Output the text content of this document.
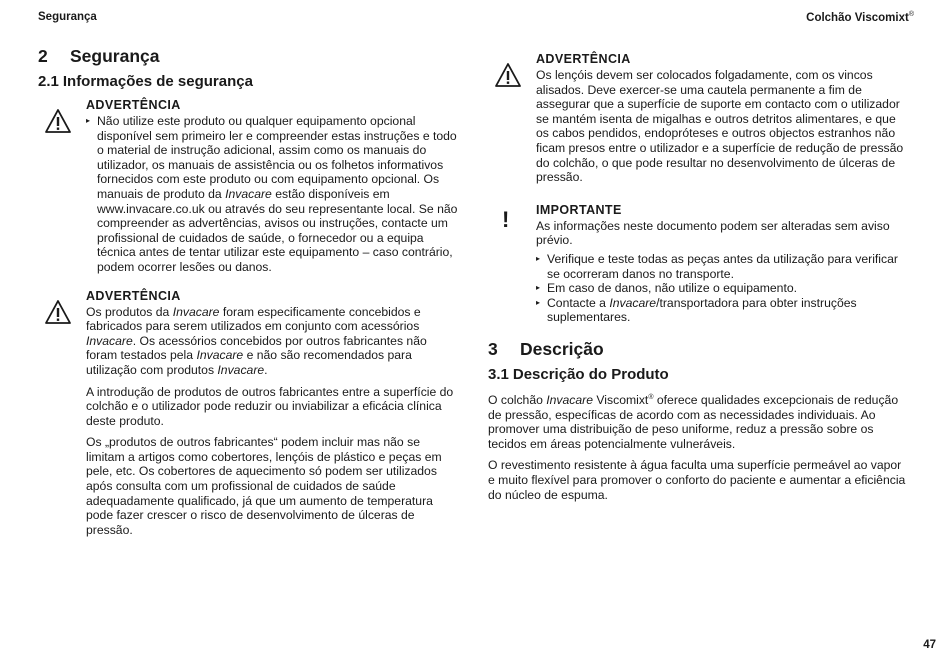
Segurança	Colchão Viscomixt®
2 Segurança
2.1 Informações de segurança
ADVERTÊNCIA
▸ Não utilize este produto ou qualquer equipamento opcional disponível sem primeiro ler e compreender estas instruções e todo o material de instrução adicional, assim como os manuais do utilizador, os manuais de assistência ou os folhetos informativos fornecidos com este produto ou com equipamento opcional. Os manuais de produto da Invacare estão disponíveis em www.invacare.co.uk ou através do seu representante local. Se não compreender as advertências, avisos ou instruções, contacte um profissional de cuidados de saúde, o fornecedor ou a equipa técnica antes de tentar utilizar este equipamento – caso contrário, podem ocorrer lesões ou danos.
ADVERTÊNCIA

Os produtos da Invacare foram especificamente concebidos e fabricados para serem utilizados em conjunto com acessórios Invacare. Os acessórios concebidos por outros fabricantes não foram testados pela Invacare e não são recomendados para utilização com produtos Invacare.

A introdução de produtos de outros fabricantes entre a superfície do colchão e o utilizador pode reduzir ou inviabilizar a eficácia clínica deste produto.

Os „produtos de outros fabricantes“ podem incluir mas não se limitam a artigos como cobertores, lençóis de plástico e peças em pele, etc. Os cobertores de aquecimento só podem ser utilizados após consulta com um profissional de cuidados de saúde adequadamente qualificado, já que um aumento de temperatura pode fazer crescer o risco de desenvolvimento de úlceras de pressão.

ADVERTÊNCIA

Os lençóis devem ser colocados folgadamente, com os vincos alisados. Deve exercer-se uma cautela permanente a fim de assegurar que a superfície de suporte em contacto com o utilizador se mantém isenta de migalhas e outros detritos alimentares, e que os cabos pendidos, endopróteses e outros objectos estranhos não ficam presos entre o utilizador e a superfície de redução de pressão do colchão, o que pode resultar no desenvolvimento de úlceras de pressão.

!	IMPORTANTE

As informações neste documento podem ser alteradas sem aviso prévio.

▸ Verifique e teste todas as peças antes da utilização para verificar se ocorreram danos no transporte.
▸ Em caso de danos, não utilize o equipamento.
▸ Contacte a Invacare/transportadora para obter instruções suplementares.
3 Descrição
3.1 Descrição do Produto

O colchão Invacare Viscomixt® oferece qualidades excepcionais de redução de pressão, específicas de acordo com as necessidades individuais. Ao promover uma distribuição de peso uniforme, reduz a pressão sobre os tecidos em áreas potencialmente vulneráveis.

O revestimento resistente à água faculta uma superfície permeável ao vapor e muito flexível para promover o conforto do paciente e aumentar a eficiência do núcleo de espuma.

47
